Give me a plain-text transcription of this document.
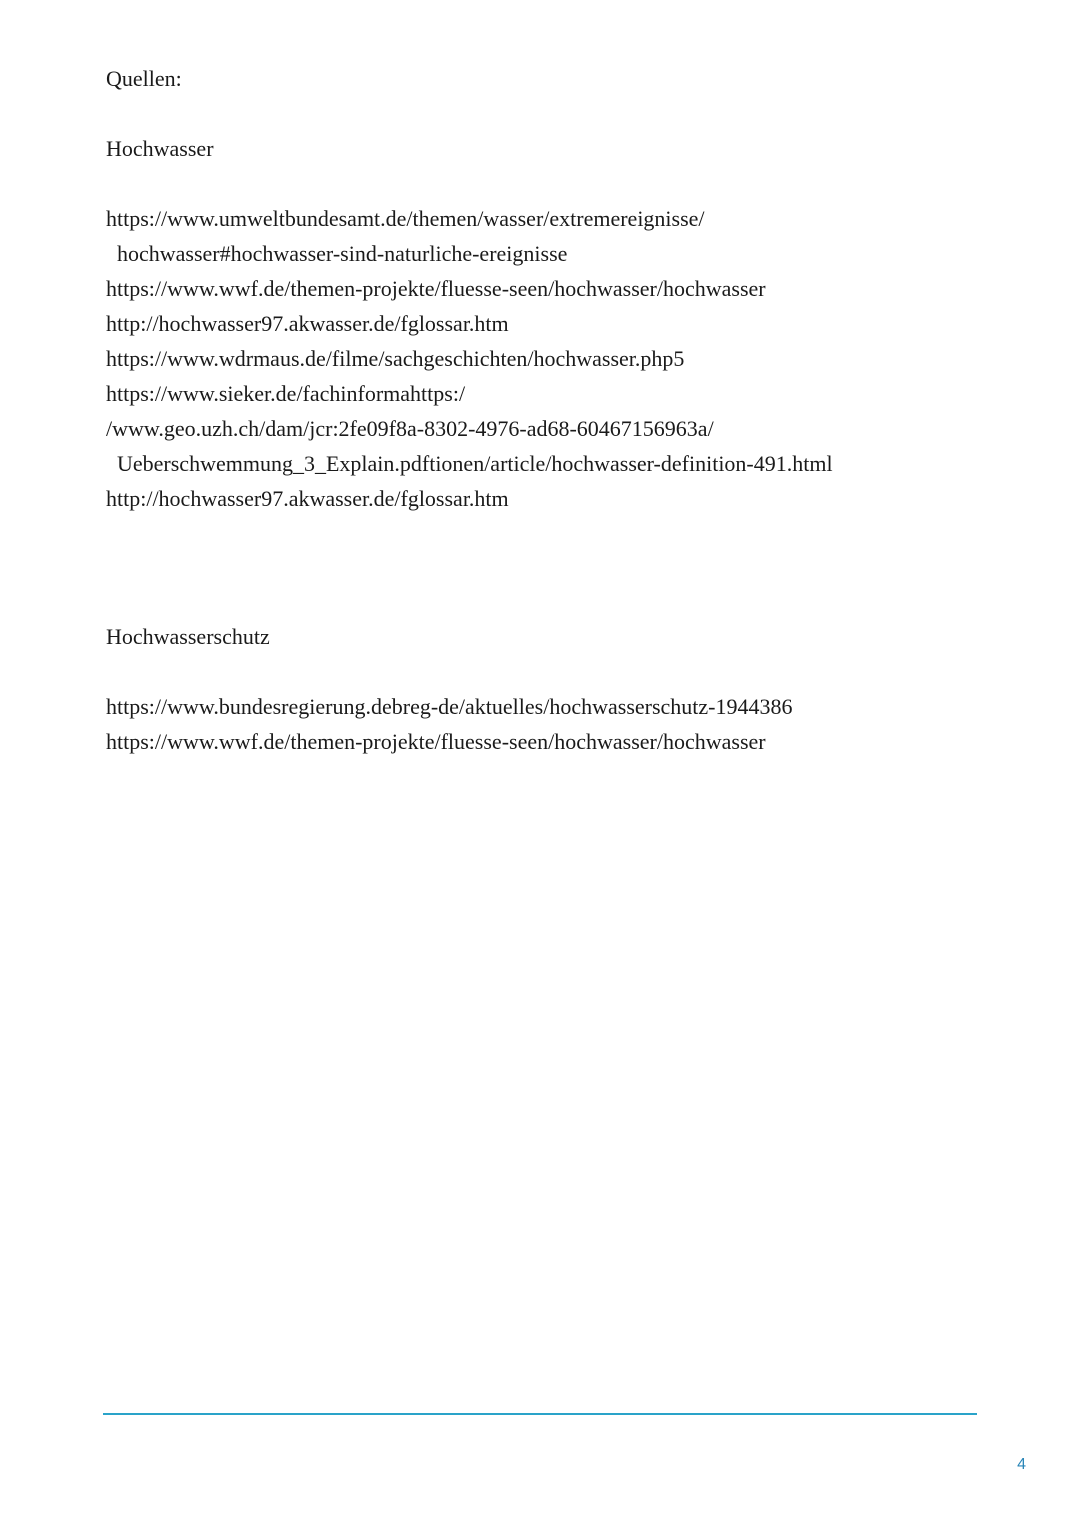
Quellen:
Hochwasser
https://www.umweltbundesamt.de/themen/wasser/extremereignisse/
hochwasser#hochwasser-sind-naturliche-ereignisse
https://www.wwf.de/themen-projekte/fluesse-seen/hochwasser/hochwasser
http://hochwasser97.akwasser.de/fglossar.htm
https://www.wdrmaus.de/filme/sachgeschichten/hochwasser.php5
https://www.sieker.de/fachinformahttps:/
/www.geo.uzh.ch/dam/jcr:2fe09f8a-8302-4976-ad68-60467156963a/
Ueberschwemmung_3_Explain.pdftionen/article/hochwasser-definition-491.html
http://hochwasser97.akwasser.de/fglossar.htm
Hochwasserschutz
https://www.bundesregierung.debreg-de/aktuelles/hochwasserschutz-1944386
https://www.wwf.de/themen-projekte/fluesse-seen/hochwasser/hochwasser
4
